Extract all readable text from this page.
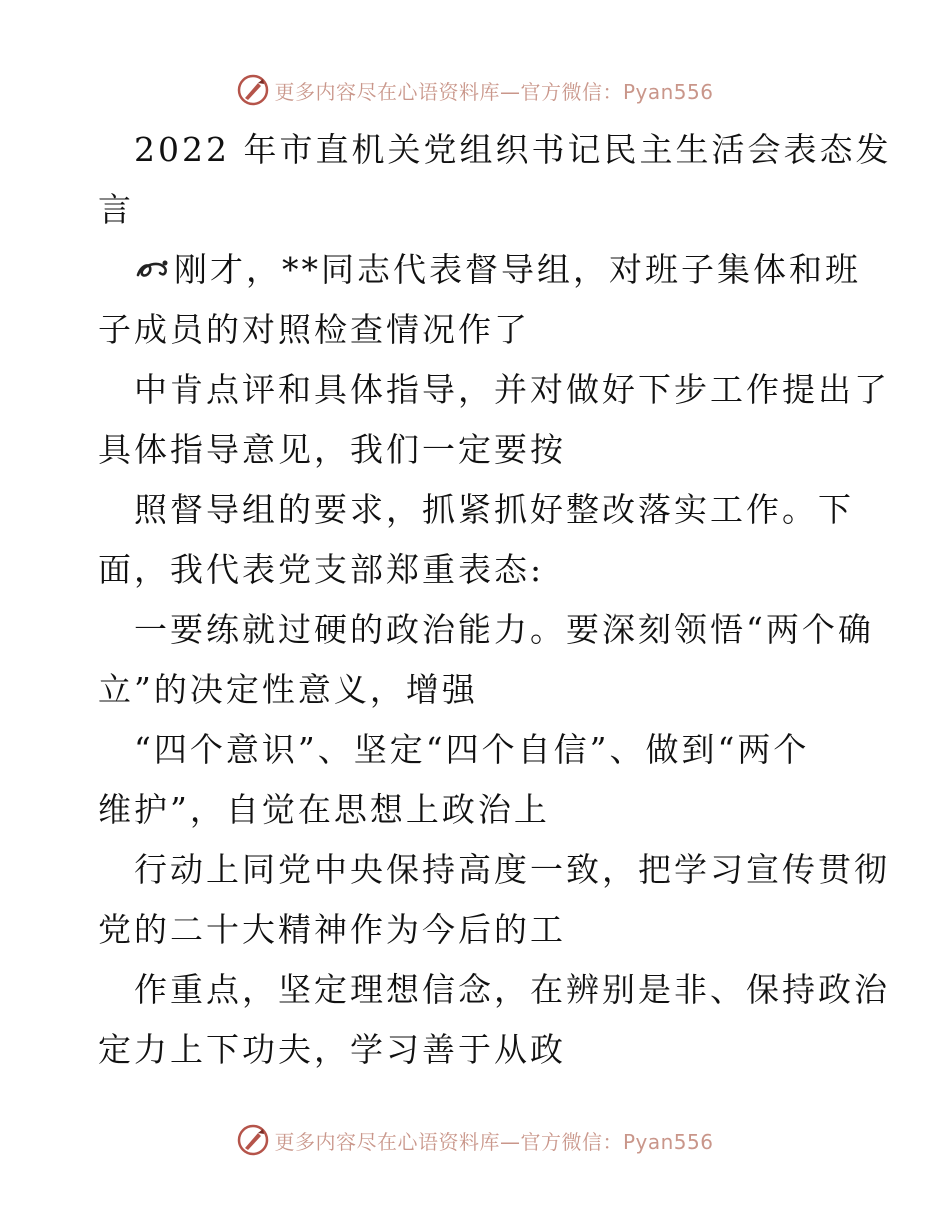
更多内容尽在心语资料库—官方微信：Pyan556

2022 年市直机关党组织书记民主生活会表态发
言

刚才，**同志代表督导组，对班子集体和班
子成员的对照检查情况作了

中肯点评和具体指导，并对做好下步工作提出了
具体指导意见，我们一定要按

照督导组的要求，抓紧抓好整改落实工作。下
面，我代表党支部郑重表态:

一要练就过硬的政治能力。要深刻领悟“两个确
立”的决定性意义，增强

“四个意识”、坚定“四个自信”、做到“两个
维护”，自觉在思想上政治上

行动上同党中央保持高度一致，把学习宣传贯彻
党的二十大精神作为今后的工

作重点，坚定理想信念，在辨别是非、保持政治
定力上下功夫，学习善于从政

更多内容尽在心语资料库—官方微信：Pyan556
